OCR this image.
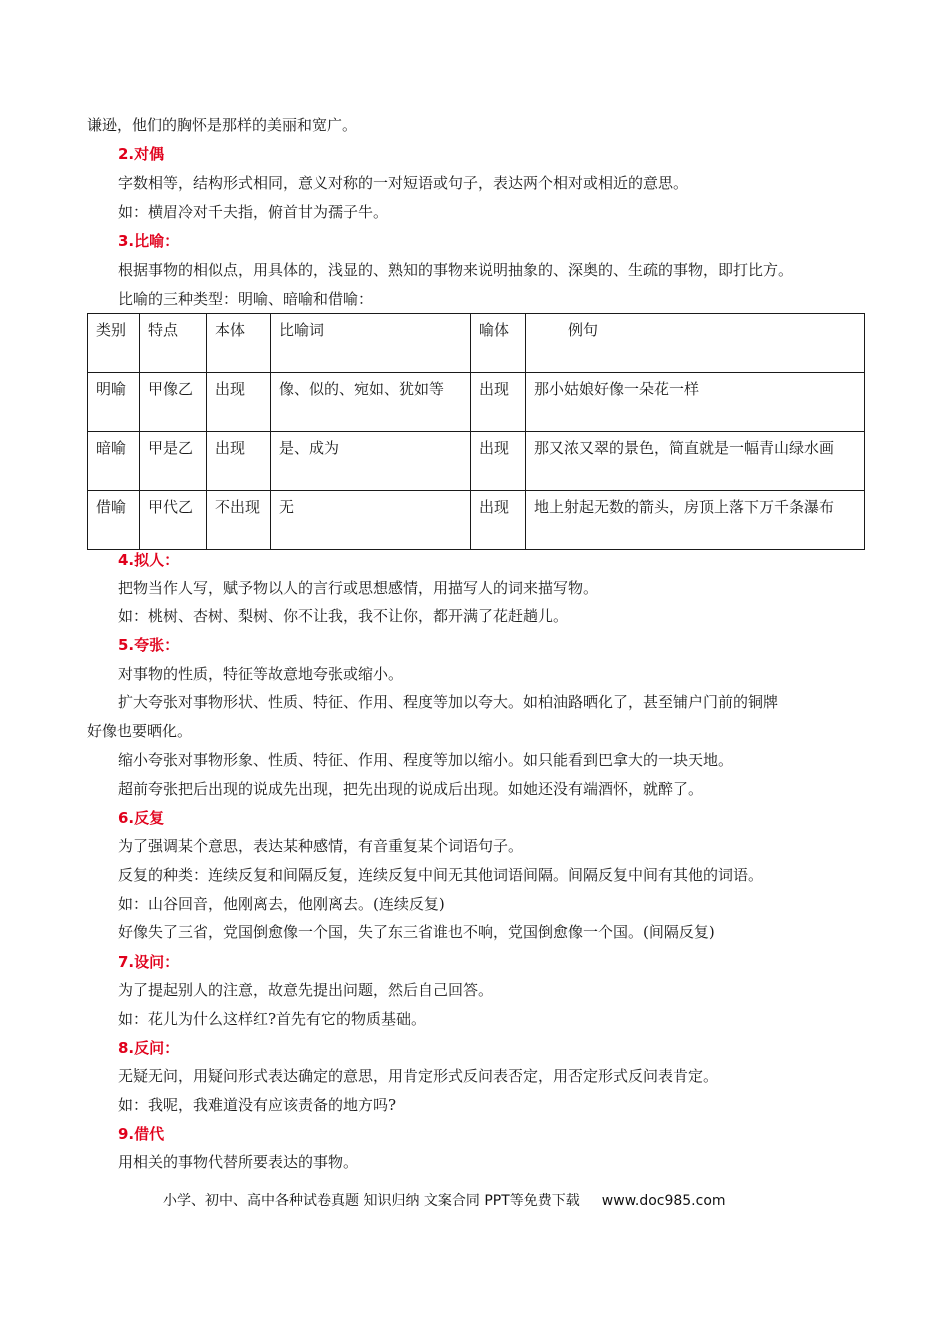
谦逊，他们的胸怀是那样的美丽和宽广。
2.对偶
字数相等，结构形式相同，意义对称的一对短语或句子，表达两个相对或相近的意思。
如：横眉冷对千夫指，俯首甘为孺子牛。
3.比喻：
根据事物的相似点，用具体的，浅显的、熟知的事物来说明抽象的、深奥的、生疏的事物，即打比方。
比喻的三种类型：明喻、暗喻和借喻：
类别	特点	本体	比喻词	喻体	例句
明喻	甲像乙	出现	像、似的、宛如、犹如等	出现	那小姑娘好像一朵花一样
暗喻	甲是乙	出现	是、成为	出现	那又浓又翠的景色，简直就是一幅青山绿水画
借喻	甲代乙	不出现	无	出现	地上射起无数的箭头，房顶上落下万千条瀑布
4.拟人：
把物当作人写，赋予物以人的言行或思想感情，用描写人的词来描写物。
如：桃树、杏树、梨树、你不让我，我不让你，都开满了花赶趟儿。
5.夸张：
对事物的性质，特征等故意地夸张或缩小。
扩大夸张对事物形状、性质、特征、作用、程度等加以夸大。如柏油路晒化了，甚至铺户门前的铜牌
好像也要晒化。
缩小夸张对事物形象、性质、特征、作用、程度等加以缩小。如只能看到巴拿大的一块天地。
超前夸张把后出现的说成先出现，把先出现的说成后出现。如她还没有端酒怀，就醉了。
6.反复
为了强调某个意思，表达某种感情，有音重复某个词语句子。
反复的种类：连续反复和间隔反复，连续反复中间无其他词语间隔。间隔反复中间有其他的词语。
如：山谷回音，他刚离去，他刚离去。(连续反复)
好像失了三省，党国倒愈像一个国，失了东三省谁也不响，党国倒愈像一个国。(间隔反复)
7.设问：
为了提起别人的注意，故意先提出问题，然后自己回答。
如：花儿为什么这样红?首先有它的物质基础。
8.反问：
无疑无问，用疑问形式表达确定的意思，用肯定形式反问表否定，用否定形式反问表肯定。
如：我呢，我难道没有应该责备的地方吗?
9.借代
用相关的事物代替所要表达的事物。
小学、初中、高中各种试卷真题 知识归纳 文案合同 PPT等免费下载 www.doc985.com
